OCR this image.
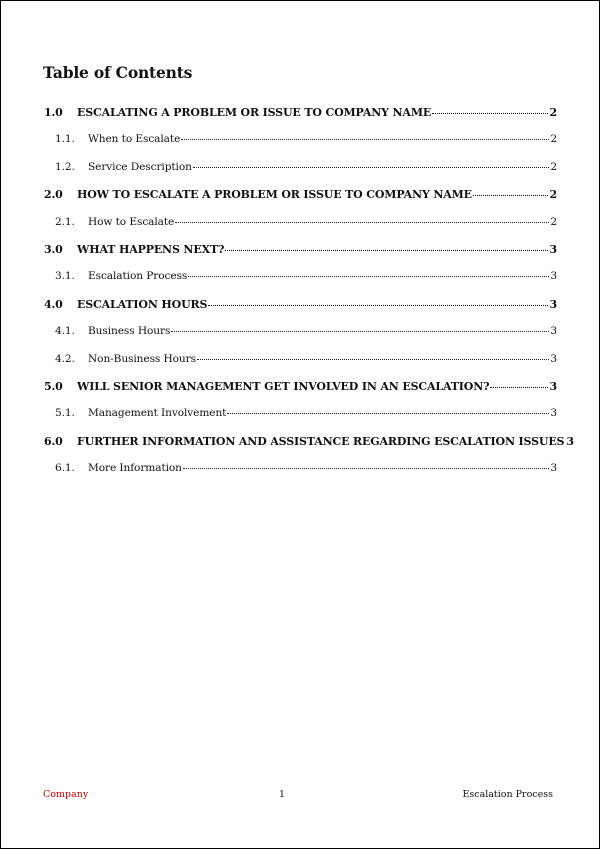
Table of Contents
1.0	ESCALATING A PROBLEM OR ISSUE TO COMPANY NAME	2
1.1.	When to Escalate	2
1.2.	Service Description	2
2.0	HOW TO ESCALATE A PROBLEM OR ISSUE TO COMPANY NAME	2
2.1.	How to Escalate	2
3.0	WHAT HAPPENS NEXT?	3
3.1.	Escalation Process	3
4.0	ESCALATION HOURS	3
4.1.	Business Hours	3
4.2.	Non-Business Hours	3
5.0	WILL SENIOR MANAGEMENT GET INVOLVED IN AN ESCALATION?	3
5.1.	Management Involvement	3
6.0	FURTHER INFORMATION AND ASSISTANCE REGARDING ESCALATION ISSUES 3
6.1.	More Information	3
Company	1	Escalation Process
